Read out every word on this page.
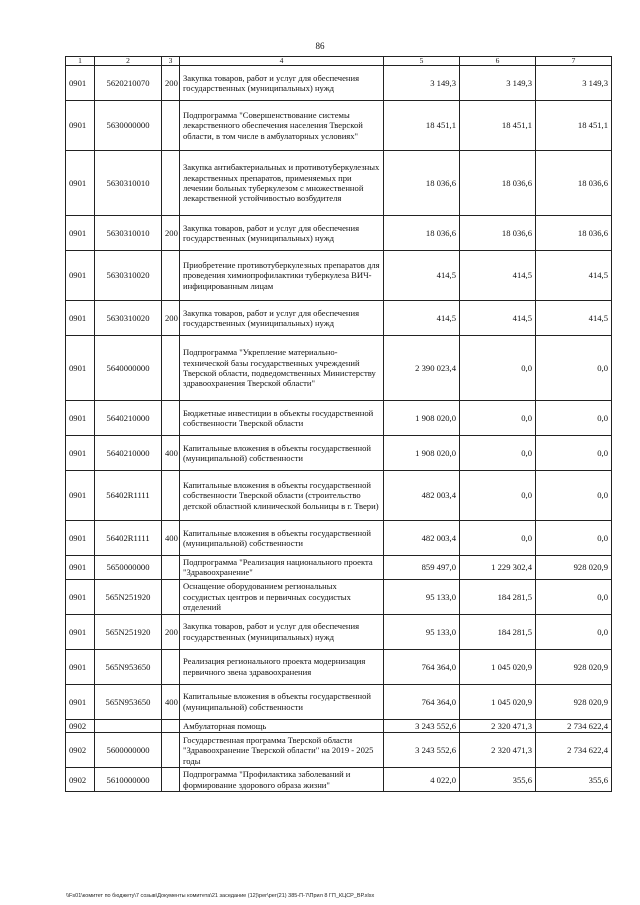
86
1	2	3	4	5	6	7
0901	5620210070	200	Закупка товаров, работ и услуг для обеспечения государственных (муниципальных) нужд	3 149,3	3 149,3	3 149,3
0901	5630000000		Подпрограмма "Совершенствование системы лекарственного обеспечения населения Тверской области, в том числе в амбулаторных условиях"	18 451,1	18 451,1	18 451,1
0901	5630310010		Закупка антибактериальных и противотуберкулезных лекарственных препаратов, применяемых при лечении больных туберкулезом с множественной лекарственной устойчивостью возбудителя	18 036,6	18 036,6	18 036,6
0901	5630310010	200	Закупка товаров, работ и услуг для обеспечения государственных (муниципальных) нужд	18 036,6	18 036,6	18 036,6
0901	5630310020		Приобретение противотуберкулезных препаратов для проведения химиопрофилактики туберкулеза ВИЧ-инфицированным лицам	414,5	414,5	414,5
0901	5630310020	200	Закупка товаров, работ и услуг для обеспечения государственных (муниципальных) нужд	414,5	414,5	414,5
0901	5640000000		Подпрограмма "Укрепление материально-технической базы государственных учреждений Тверской области, подведомственных Министерству здравоохранения Тверской области"	2 390 023,4	0,0	0,0
0901	5640210000		Бюджетные инвестиции в объекты государственной собственности Тверской области	1 908 020,0	0,0	0,0
0901	5640210000	400	Капитальные вложения в объекты государственной (муниципальной) собственности	1 908 020,0	0,0	0,0
0901	56402R1111		Капитальные вложения в объекты государственной собственности Тверской области (строительство детской областной клинической больницы в г. Твери)	482 003,4	0,0	0,0
0901	56402R1111	400	Капитальные вложения в объекты государственной (муниципальной) собственности	482 003,4	0,0	0,0
0901	5650000000		Подпрограмма "Реализация национального проекта "Здравоохранение"	859 497,0	1 229 302,4	928 020,9
0901	565N251920		Оснащение оборудованием региональных сосудистых центров и первичных сосудистых отделений	95 133,0	184 281,5	0,0
0901	565N251920	200	Закупка товаров, работ и услуг для обеспечения государственных (муниципальных) нужд	95 133,0	184 281,5	0,0
0901	565N953650		Реализация регионального проекта модернизация первичного звена здравоохранения	764 364,0	1 045 020,9	928 020,9
0901	565N953650	400	Капитальные вложения в объекты государственной (муниципальной) собственности	764 364,0	1 045 020,9	928 020,9
0902			Амбулаторная помощь	3 243 552,6	2 320 471,3	2 734 622,4
0902	5600000000		Государственная программа Тверской области "Здравоохранение Тверской области" на 2019 - 2025 годы	3 243 552,6	2 320 471,3	2 734 622,4
0902	5610000000		Подпрограмма "Профилактика заболеваний и формирование здорового образа жизни"	4 022,0	355,6	355,6
\\Fs01\комитет по бюджету\7 созыв\Документы комитета\21 заседание (12)\рег\рег(21) 385-П-7\Прил 8 ГП_КЦСР_ВР.xlsx
